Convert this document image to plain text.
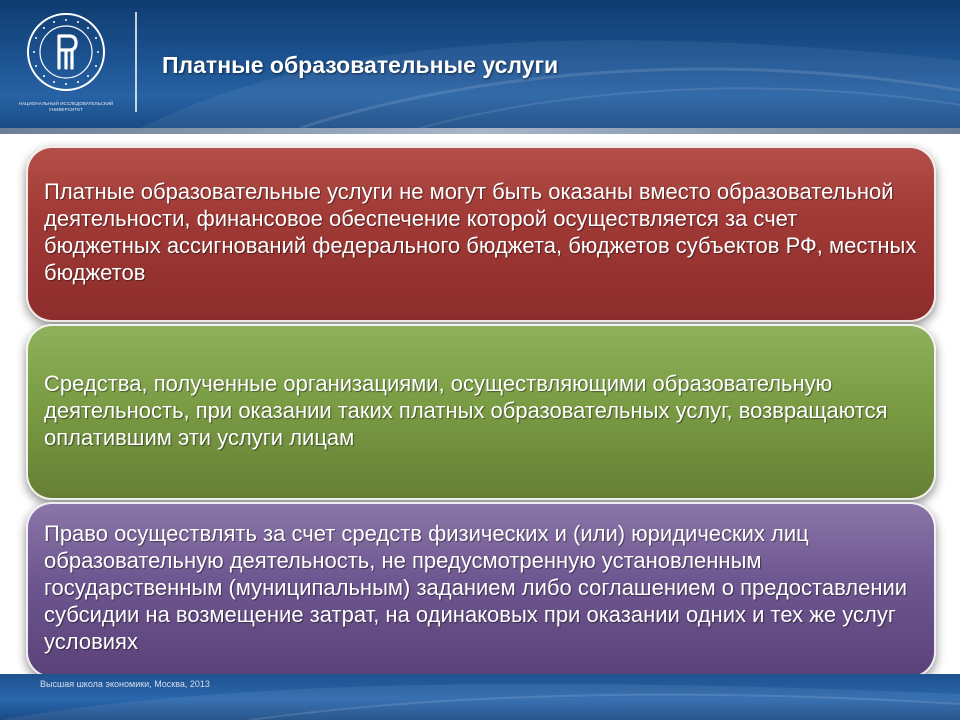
НАЦИОНАЛЬНЫЙ ИССЛЕДОВАТЕЛЬСКИЙ УНИВЕРСИТЕТ
Платные образовательные услуги
Платные образовательные услуги не могут быть оказаны вместо образовательной деятельности, финансовое обеспечение которой осуществляется за счет бюджетных ассигнований федерального бюджета, бюджетов субъектов РФ, местных бюджетов
Средства, полученные организациями, осуществляющими образовательную деятельность, при оказании таких платных образовательных услуг, возвращаются оплатившим эти услуги лицам
Право осуществлять за счет средств физических и (или) юридических лиц образовательную деятельность, не предусмотренную установленным государственным (муниципальным) заданием либо соглашением о предоставлении субсидии на возмещение затрат, на одинаковых при оказании одних и тех же услуг условиях
Высшая школа экономики, Москва, 2013
